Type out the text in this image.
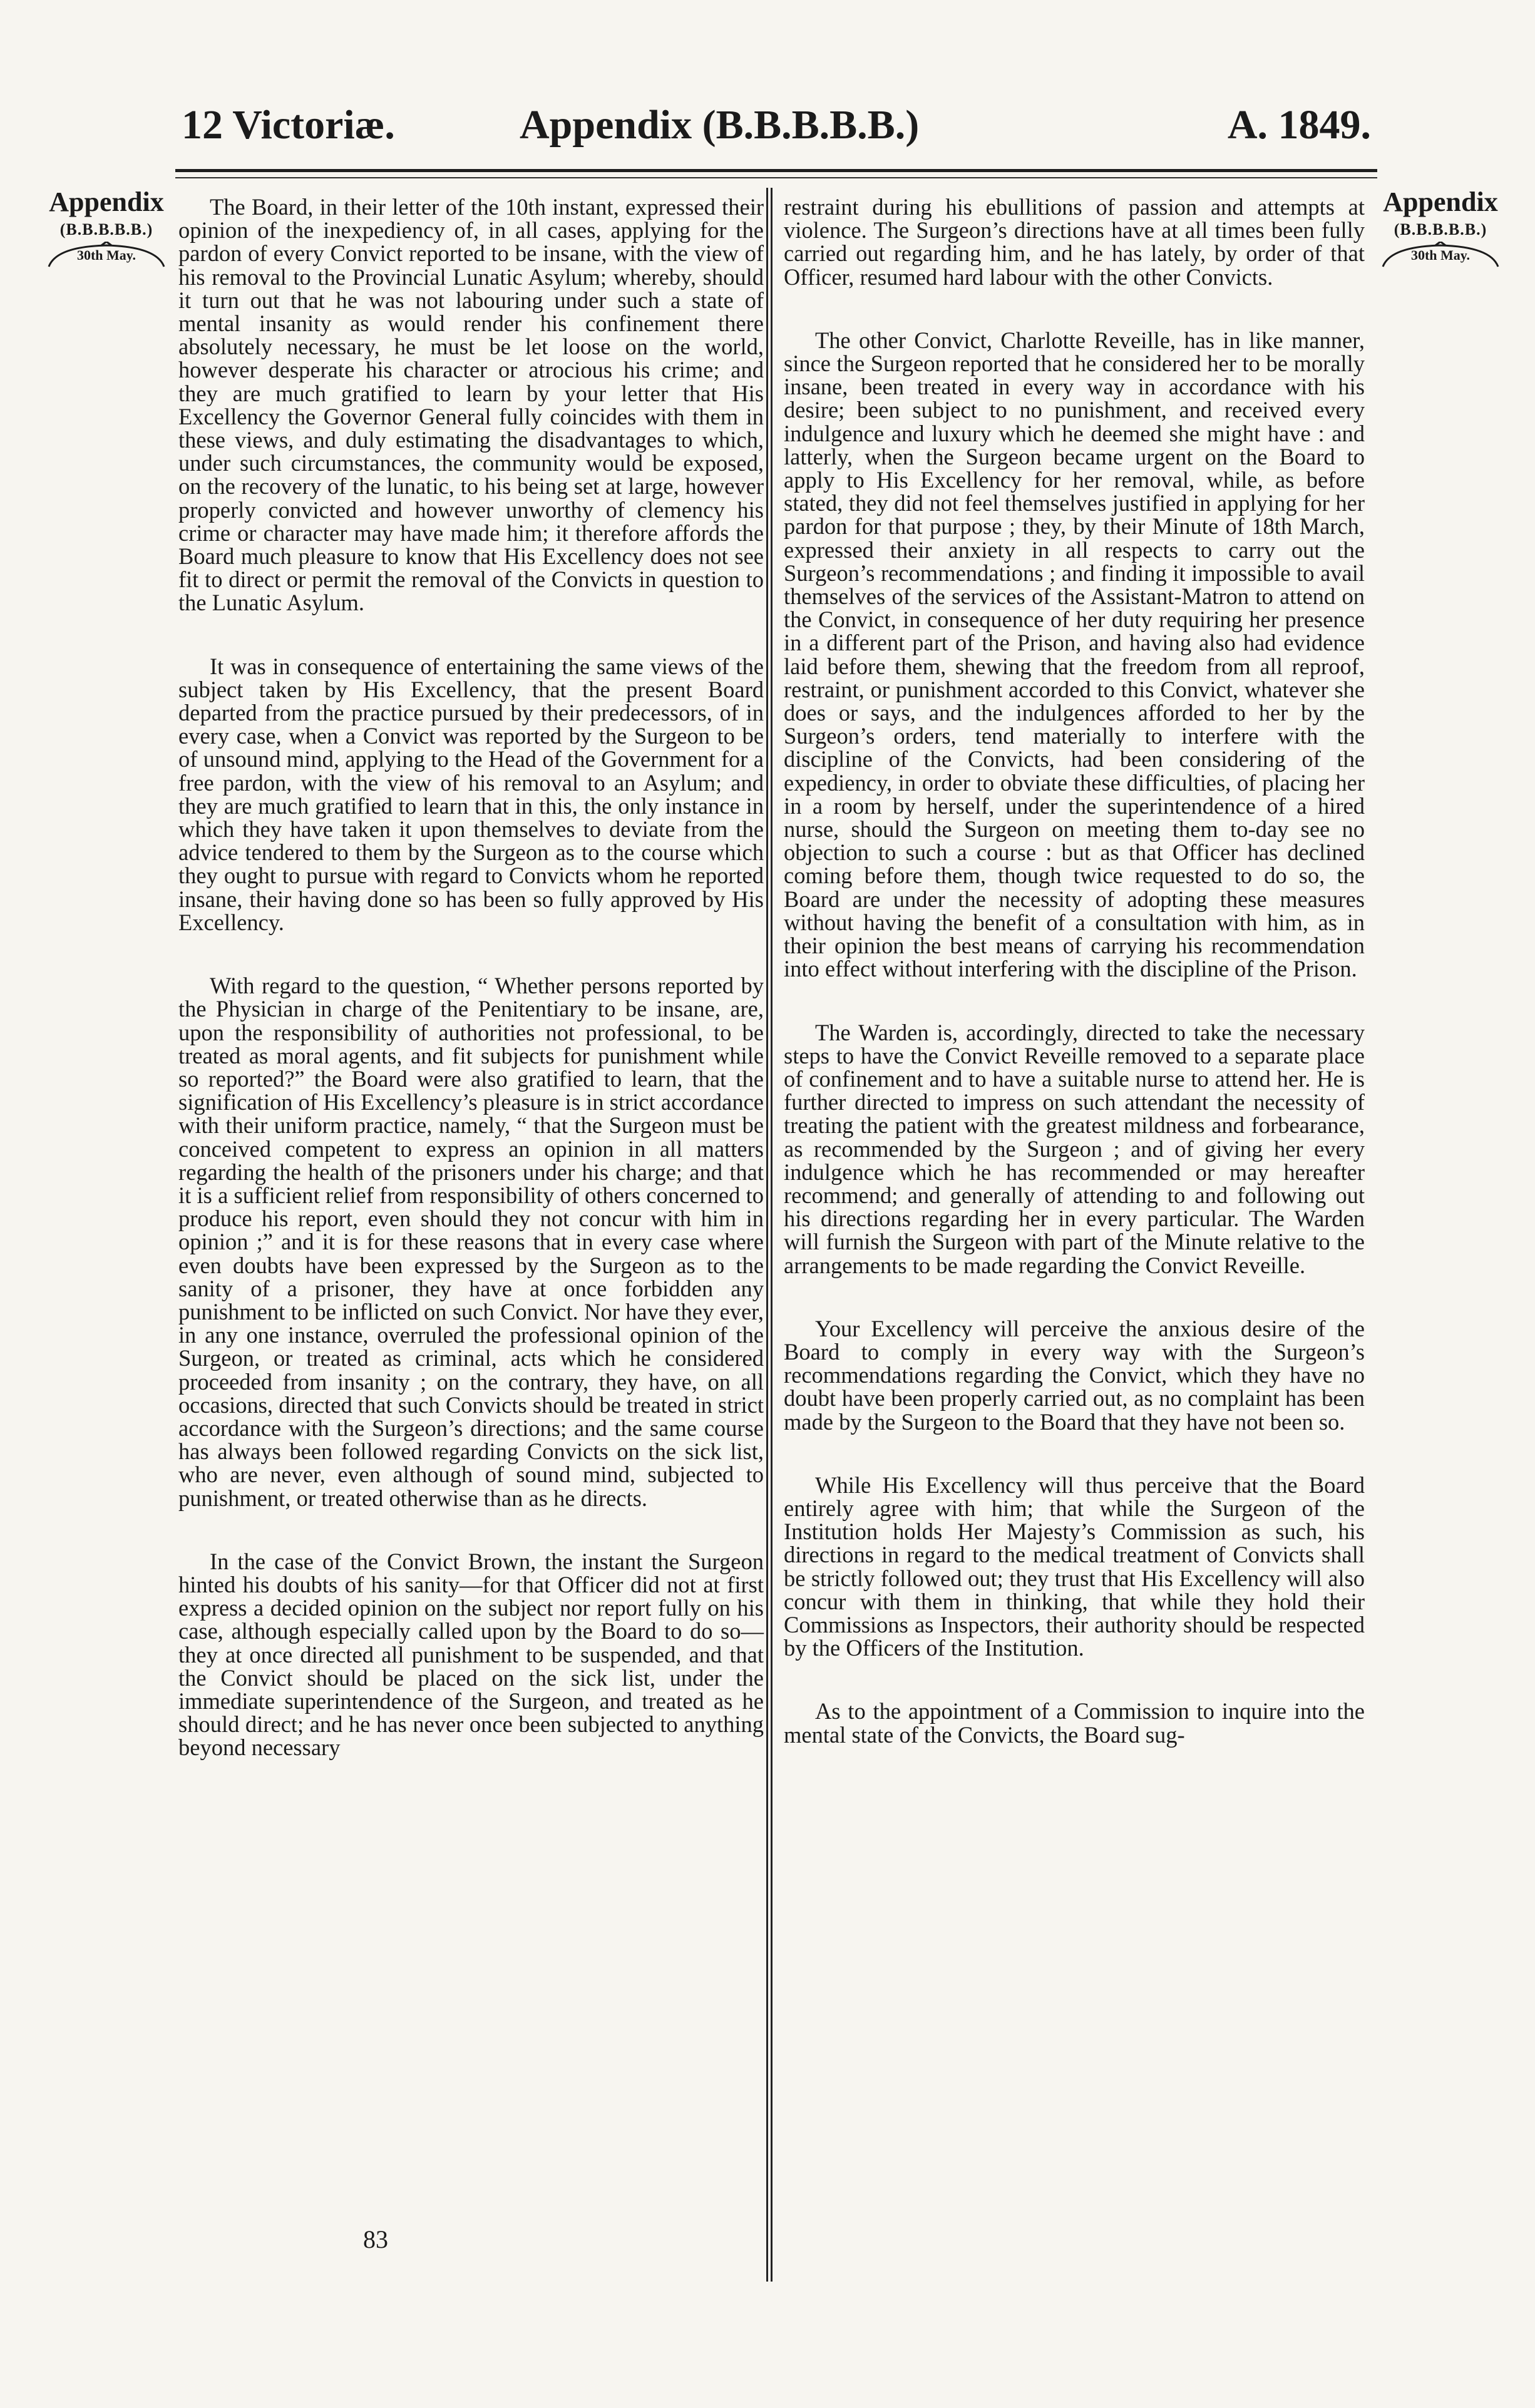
12 Victoriæ.	Appendix (B.B.B.B.B.)	A. 1849.
Appendix
(B.B.B.B.B.)
30th May.
Appendix
(B.B.B.B.B.)
30th May.

The Board, in their letter of the 10th instant, expressed their opinion of the inexpediency of, in all cases, applying for the pardon of every Convict reported to be insane, with the view of his removal to the Provincial Lunatic Asylum; whereby, should it turn out that he was not labouring under such a state of mental insanity as would render his confinement there absolutely necessary, he must be let loose on the world, however desperate his character or atrocious his crime; and they are much gratified to learn by your letter that His Excellency the Governor General fully coincides with them in these views, and duly estimating the disadvantages to which, under such circumstances, the community would be exposed, on the recovery of the lunatic, to his being set at large, however properly convicted and however unworthy of clemency his crime or character may have made him; it therefore affords the Board much pleasure to know that His Excellency does not see fit to direct or permit the removal of the Convicts in question to the Lunatic Asylum.

It was in consequence of entertaining the same views of the subject taken by His Excellency, that the present Board departed from the practice pursued by their predecessors, of in every case, when a Convict was reported by the Surgeon to be of unsound mind, applying to the Head of the Government for a free pardon, with the view of his removal to an Asylum; and they are much gratified to learn that in this, the only instance in which they have taken it upon themselves to deviate from the advice tendered to them by the Surgeon as to the course which they ought to pursue with regard to Convicts whom he reported insane, their having done so has been so fully approved by His Excellency.

With regard to the question, “ Whether persons reported by the Physician in charge of the Penitentiary to be insane, are, upon the responsibility of authorities not professional, to be treated as moral agents, and fit subjects for punishment while so reported?” the Board were also gratified to learn, that the signification of His Excellency’s pleasure is in strict accordance with their uniform practice, namely, “ that the Surgeon must be conceived competent to express an opinion in all matters regarding the health of the prisoners under his charge; and that it is a sufficient relief from responsibility of others concerned to produce his report, even should they not concur with him in opinion ;” and it is for these reasons that in every case where even doubts have been expressed by the Surgeon as to the sanity of a prisoner, they have at once forbidden any punishment to be inflicted on such Convict. Nor have they ever, in any one instance, overruled the professional opinion of the Surgeon, or treated as criminal, acts which he considered proceeded from insanity ; on the contrary, they have, on all occasions, directed that such Convicts should be treated in strict accordance with the Surgeon’s directions; and the same course has always been followed regarding Convicts on the sick list, who are never, even although of sound mind, subjected to punishment, or treated otherwise than as he directs.

In the case of the Convict Brown, the instant the Surgeon hinted his doubts of his sanity—for that Officer did not at first express a decided opinion on the subject nor report fully on his case, although especially called upon by the Board to do so—they at once directed all punishment to be suspended, and that the Convict should be placed on the sick list, under the immediate superintendence of the Surgeon, and treated as he should direct; and he has never once been subjected to anything beyond necessary

restraint during his ebullitions of passion and attempts at violence. The Surgeon’s directions have at all times been fully carried out regarding him, and he has lately, by order of that Officer, resumed hard labour with the other Convicts.

The other Convict, Charlotte Reveille, has in like manner, since the Surgeon reported that he considered her to be morally insane, been treated in every way in accordance with his desire; been subject to no punishment, and received every indulgence and luxury which he deemed she might have : and latterly, when the Surgeon became urgent on the Board to apply to His Excellency for her removal, while, as before stated, they did not feel themselves justified in applying for her pardon for that purpose ; they, by their Minute of 18th March, expressed their anxiety in all respects to carry out the Surgeon’s recommendations ; and finding it impossible to avail themselves of the services of the Assistant-Matron to attend on the Convict, in consequence of her duty requiring her presence in a different part of the Prison, and having also had evidence laid before them, shewing that the freedom from all reproof, restraint, or punishment accorded to this Convict, whatever she does or says, and the indulgences afforded to her by the Surgeon’s orders, tend materially to interfere with the discipline of the Convicts, had been considering of the expediency, in order to obviate these difficulties, of placing her in a room by herself, under the superintendence of a hired nurse, should the Surgeon on meeting them to-day see no objection to such a course : but as that Officer has declined coming before them, though twice requested to do so, the Board are under the necessity of adopting these measures without having the benefit of a consultation with him, as in their opinion the best means of carrying his recommendation into effect without interfering with the discipline of the Prison.

The Warden is, accordingly, directed to take the necessary steps to have the Convict Reveille removed to a separate place of confinement and to have a suitable nurse to attend her. He is further directed to impress on such attendant the necessity of treating the patient with the greatest mildness and forbearance, as recommended by the Surgeon ; and of giving her every indulgence which he has recommended or may hereafter recommend; and generally of attending to and following out his directions regarding her in every particular. The Warden will furnish the Surgeon with part of the Minute relative to the arrangements to be made regarding the Convict Reveille.

Your Excellency will perceive the anxious desire of the Board to comply in every way with the Surgeon’s recommendations regarding the Convict, which they have no doubt have been properly carried out, as no complaint has been made by the Surgeon to the Board that they have not been so.

While His Excellency will thus perceive that the Board entirely agree with him; that while the Surgeon of the Institution holds Her Majesty’s Commission as such, his directions in regard to the medical treatment of Convicts shall be strictly followed out; they trust that His Excellency will also concur with them in thinking, that while they hold their Commissions as Inspectors, their authority should be respected by the Officers of the Institution.

As to the appointment of a Commission to inquire into the mental state of the Convicts, the Board sug-

83
